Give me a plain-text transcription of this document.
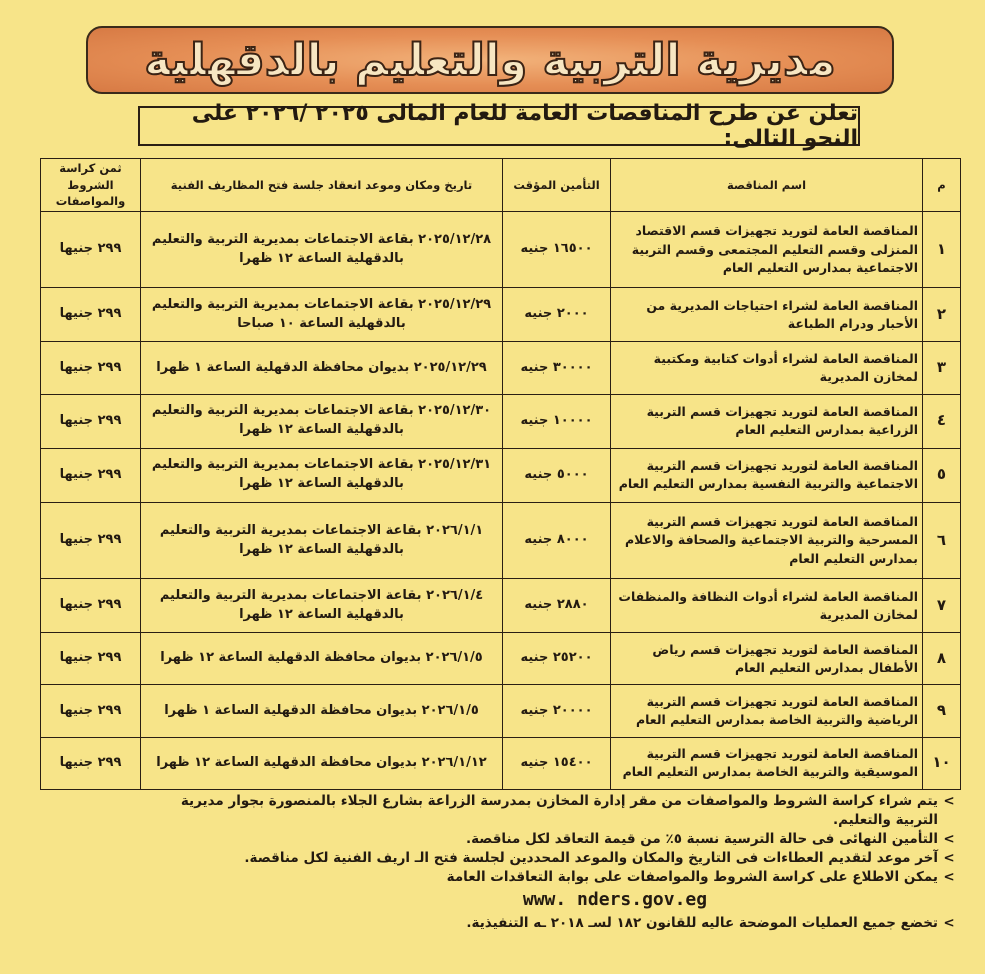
مديرية التربية والتعليم بالدقهلية
تعلن عن طرح المناقصات العامة للعام المالى ٢٠٢٥ /٢٠٢٦ على النحو التالى:
م	اسم المناقصة	التأمين المؤقت	تاريخ ومكان وموعد انعقاد جلسة فتح المظاريف الفنية	ثمن كراسة الشروط والمواصفات
١	المناقصة العامة لتوريد تجهيزات قسم الاقتصاد المنزلى وقسم التعليم المجتمعى وقسم التربية الاجتماعية بمدارس التعليم العام	١٦٥٠٠ جنيه	٢٠٢٥/١٢/٢٨ بقاعة الاجتماعات بمديرية التربية والتعليم بالدقهلية الساعة ١٢ ظهرا	٢٩٩ جنيها
٢	المناقصة العامة لشراء احتياجات المديرية من الأحبار ودرام الطباعة	٢٠٠٠ جنيه	٢٠٢٥/١٢/٢٩ بقاعة الاجتماعات بمديرية التربية والتعليم بالدقهلية الساعة ١٠ صباحا	٢٩٩ جنيها
٣	المناقصة العامة لشراء أدوات كتابية ومكتبية لمخازن المديرية	٣٠٠٠٠ جنيه	٢٠٢٥/١٢/٢٩ بديوان محافظة الدقهلية الساعة ١ ظهرا	٢٩٩ جنيها
٤	المناقصة العامة لتوريد تجهيزات قسم التربية الزراعية بمدارس التعليم العام	١٠٠٠٠ جنيه	٢٠٢٥/١٢/٣٠ بقاعة الاجتماعات بمديرية التربية والتعليم بالدقهلية الساعة ١٢ ظهرا	٢٩٩ جنيها
٥	المناقصة العامة لتوريد تجهيزات قسم التربية الاجتماعية والتربية النفسية بمدارس التعليم العام	٥٠٠٠ جنيه	٢٠٢٥/١٢/٣١ بقاعة الاجتماعات بمديرية التربية والتعليم بالدقهلية الساعة ١٢ ظهرا	٢٩٩ جنيها
٦	المناقصة العامة لتوريد تجهيزات قسم التربية المسرحية والتربية الاجتماعية والصحافة والاعلام بمدارس التعليم العام	٨٠٠٠ جنيه	٢٠٢٦/١/١ بقاعة الاجتماعات بمديرية التربية والتعليم بالدقهلية الساعة ١٢ ظهرا	٢٩٩ جنيها
٧	المناقصة العامة لشراء أدوات النظافة والمنظفات لمخازن المديرية	٢٨٨٠ جنيه	٢٠٢٦/١/٤ بقاعة الاجتماعات بمديرية التربية والتعليم بالدقهلية الساعة ١٢ ظهرا	٢٩٩ جنيها
٨	المناقصة العامة لتوريد تجهيزات قسم رياض الأطفال بمدارس التعليم العام	٢٥٢٠٠ جنيه	٢٠٢٦/١/٥ بديوان محافظة الدقهلية الساعة ١٢ ظهرا	٢٩٩ جنيها
٩	المناقصة العامة لتوريد تجهيزات قسم التربية الرياضية والتربية الخاصة بمدارس التعليم العام	٢٠٠٠٠ جنيه	٢٠٢٦/١/٥ بديوان محافظة الدقهلية الساعة ١ ظهرا	٢٩٩ جنيها
١٠	المناقصة العامة لتوريد تجهيزات قسم التربية الموسيقية والتربية الخاصة بمدارس التعليم العام	١٥٤٠٠ جنيه	٢٠٢٦/١/١٢ بديوان محافظة الدقهلية الساعة ١٢ ظهرا	٢٩٩ جنيها
>
يتم شراء كراسة الشروط والمواصفات من مقر إدارة المخازن بمدرسة الزراعة بشارع الجلاء بالمنصورة بجوار مديرية
التربية والتعليم.
>
التأمين النهائى فى حالة الترسية نسبة ٥٪ من قيمة التعاقد لكل مناقصة.
>
آخر موعد لتقديم العطاءات فى التاريخ والمكان والموعد المحددين لجلسة فتح الـ اريف الفنية لكل مناقصة.
>
يمكن الاطلاع على كراسة الشروط والمواصفات على بوابة التعاقدات العامة
www. nders.gov.eg
>
تخضع جميع العمليات الموضحة عاليه للقانون ١٨٢ لسـ ٢٠١٨ ـه التنفيذية.
